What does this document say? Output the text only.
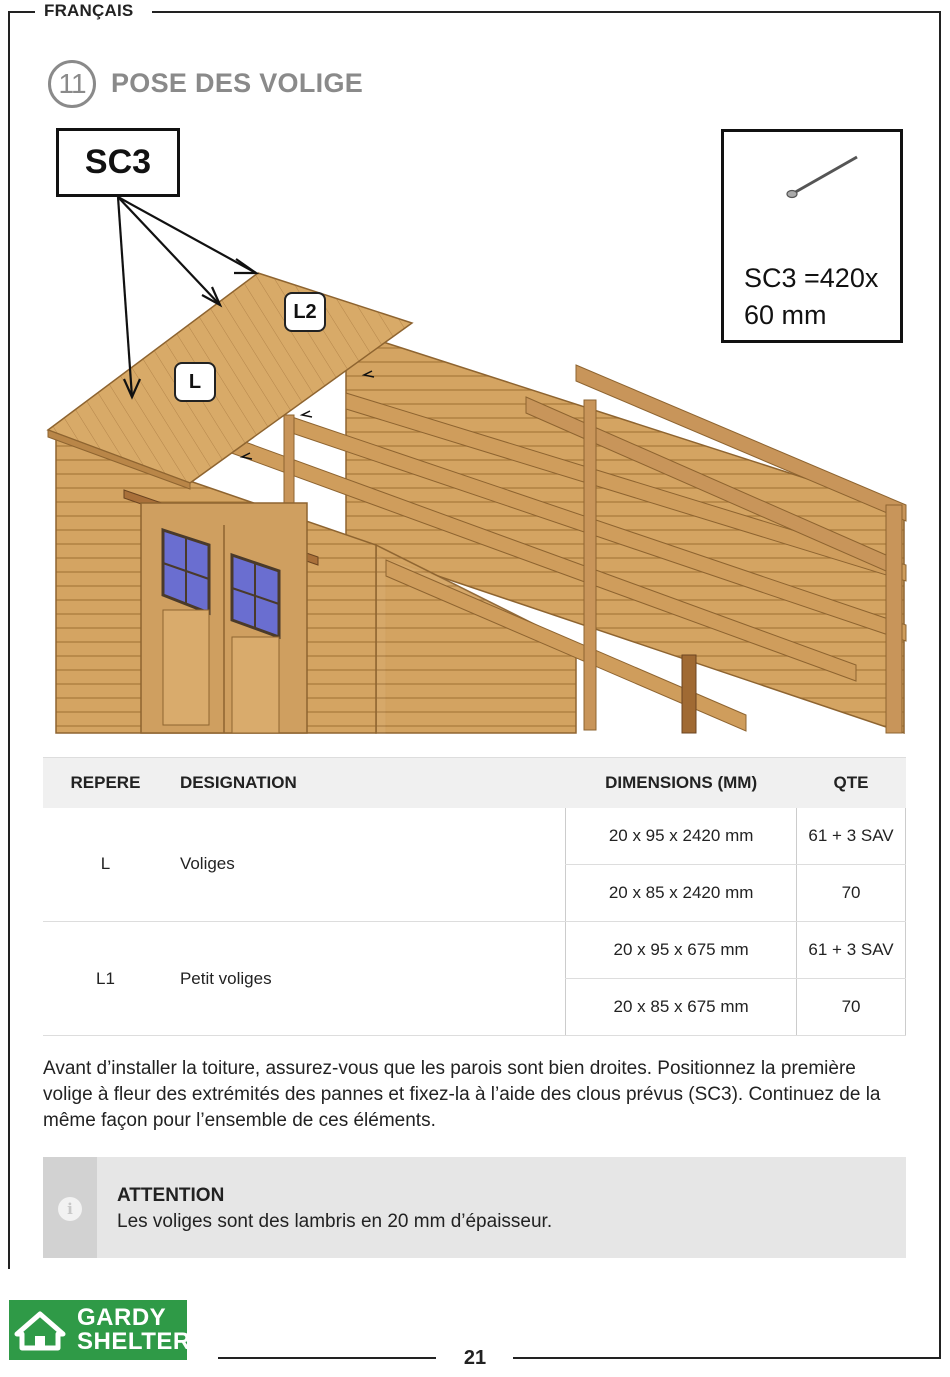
FRANÇAIS
11 POSE DES VOLIGE
SC3
SC3 =420x
60 mm
L
L2
REPERE	DESIGNATION	DIMENSIONS (MM)	QTE
L	Voliges	20 x 95 x 2420 mm	61 + 3 SAV
		20 x 85 x 2420 mm	70
L1	Petit voliges	20 x 95 x 675 mm	61 + 3 SAV
		20 x 85 x 675 mm	70

Avant d’installer la toiture, assurez-vous que les parois sont bien droites. Positionnez la première volige à fleur des extrémités des pannes et fixez-la à l’aide des clous prévus (SC3). Continuez de la même façon pour l’ensemble de ces éléments.

i
ATTENTION
Les voliges sont des lambris en 20 mm d’épaisseur.
GARDY
SHELTER
21
